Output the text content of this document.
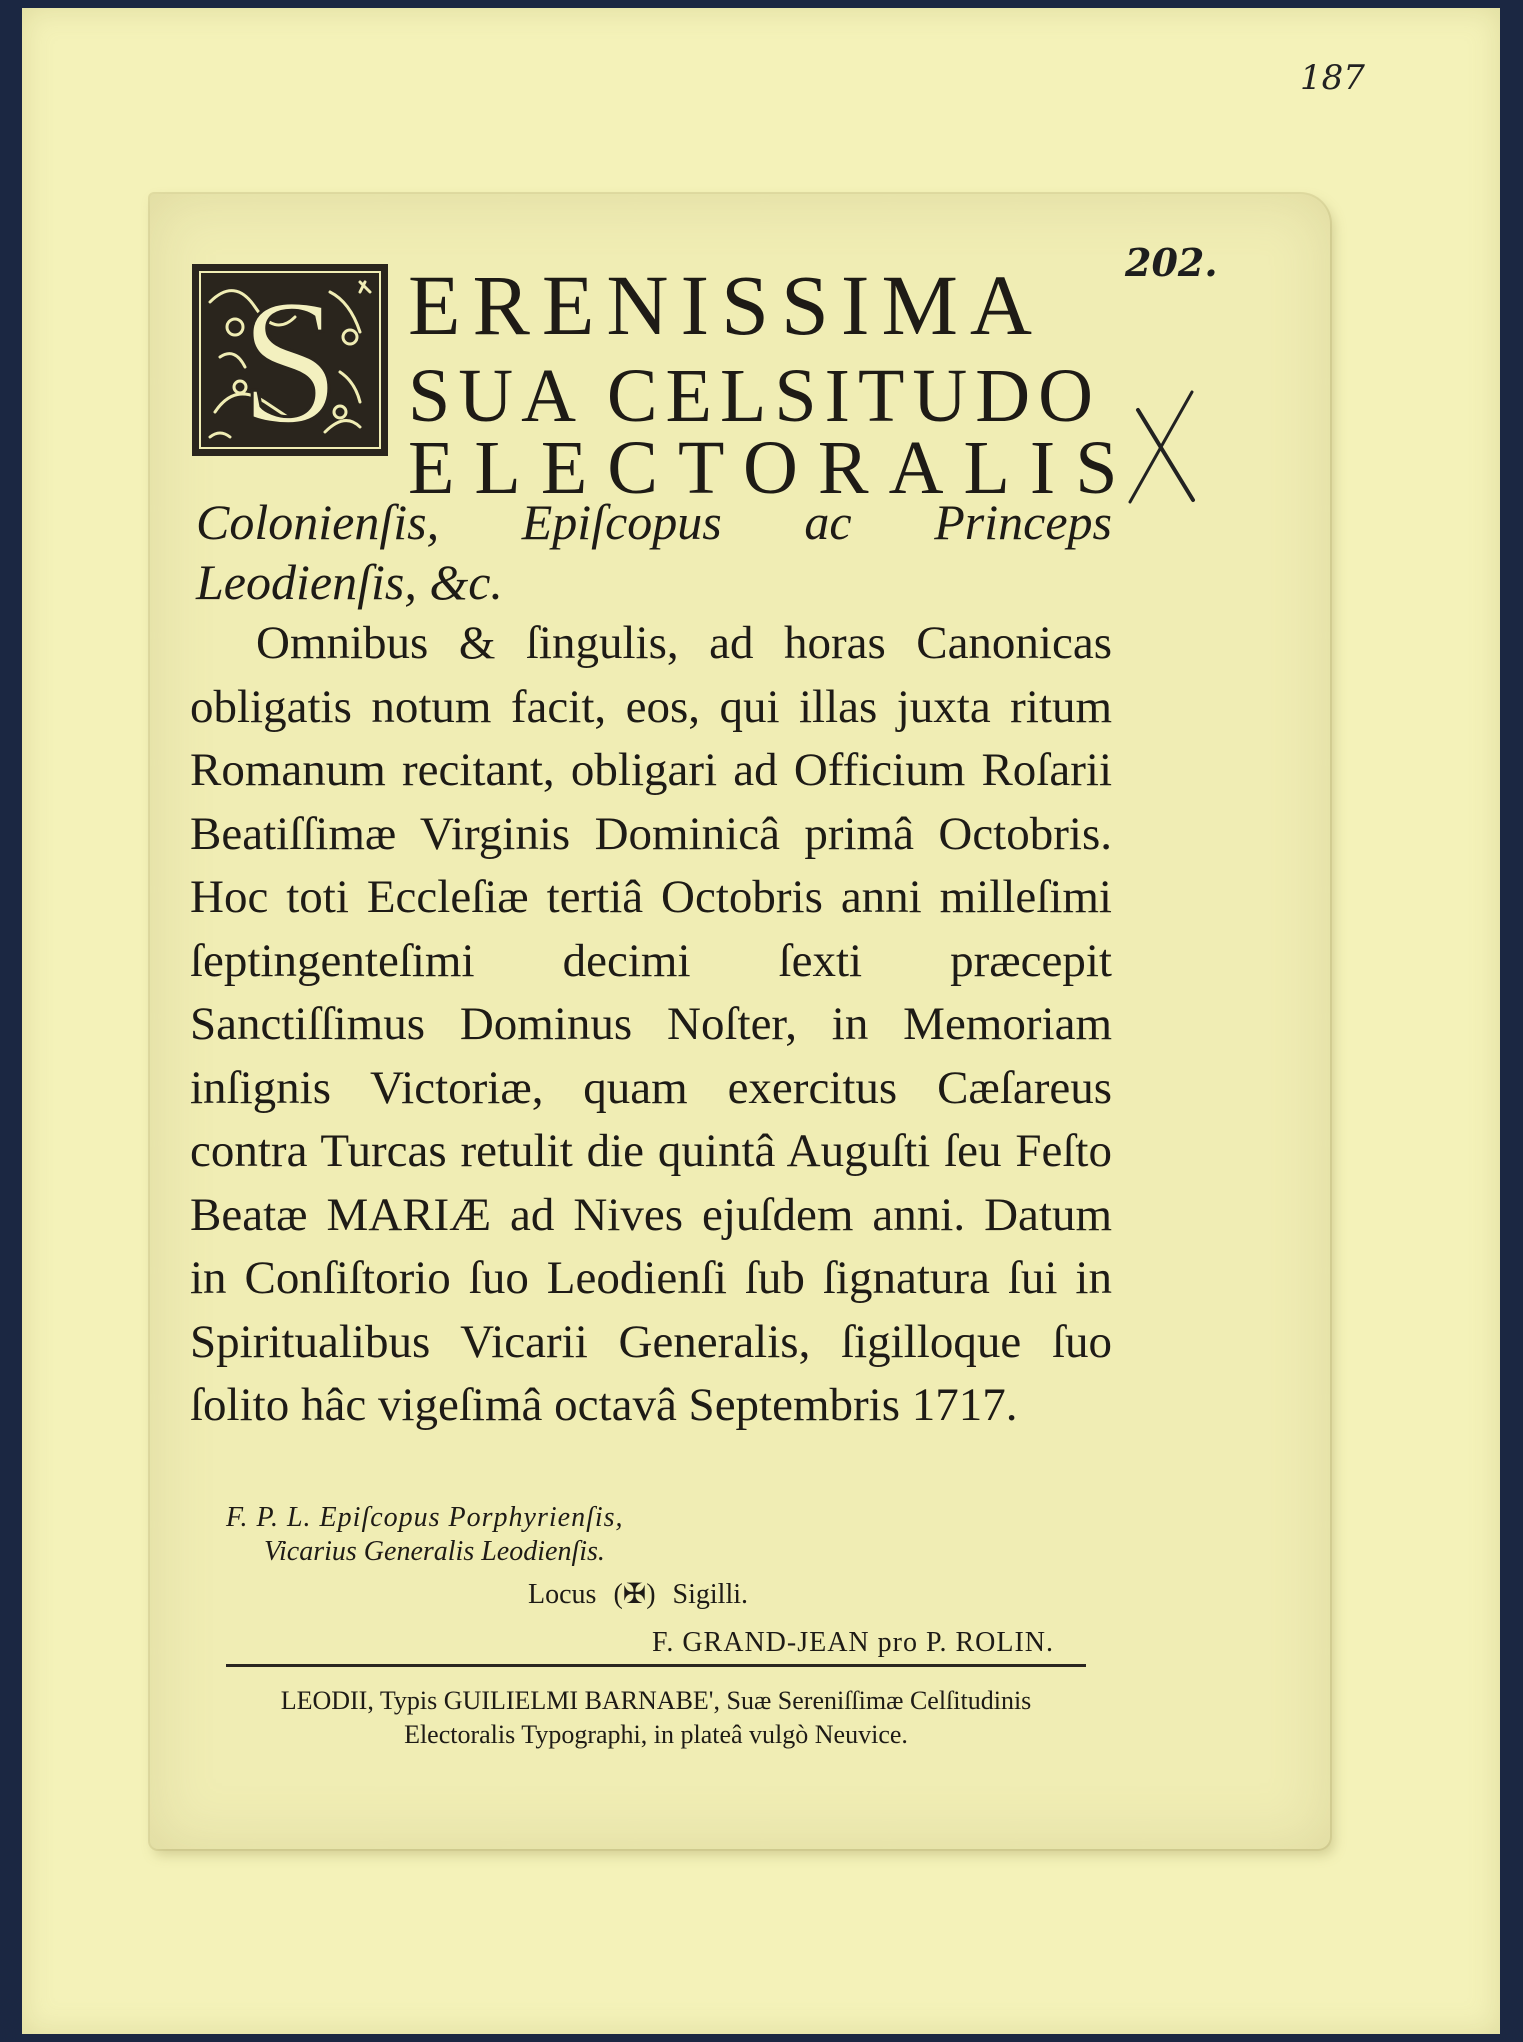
187
202.
S ERENISSIMA
SUA CELSITUDO
ELECTORALIS

Colonienſis, Epiſcopus ac Princeps Leodienſis, &c.

Omnibus & ſingulis, ad horas Canonicas obligatis notum facit, eos, qui illas juxta ritum Romanum recitant, obligari ad Officium Roſarii Beatiſſimæ Virginis Dominicâ primâ Octobris. Hoc toti Eccleſiæ tertiâ Octobris anni milleſimi ſeptingenteſimi decimi ſexti præcepit Sanctiſſimus Dominus Noſter, in Memoriam inſignis Victoriæ, quam exercitus Cæſareus contra Turcas retulit die quintâ Auguſti ſeu Feſto Beatæ MARIÆ ad Nives ejuſdem anni. Datum in Conſiſtorio ſuo Leodienſi ſub ſignatura ſui in Spiritualibus Vicarii Generalis, ſigilloque ſuo ſolito hâc vigeſimâ octavâ Septembris 1717.

F. P. L. Epiſcopus Porphyrienſis,
Vicarius Generalis Leodienſis.
Locus (✠) Sigilli.
F. GRAND-JEAN pro P. ROLIN.
LEODII, Typis GUILIELMI BARNABE', Suæ Sereniſſimæ Celſitudinis
Electoralis Typographi, in plateâ vulgò Neuvice.
